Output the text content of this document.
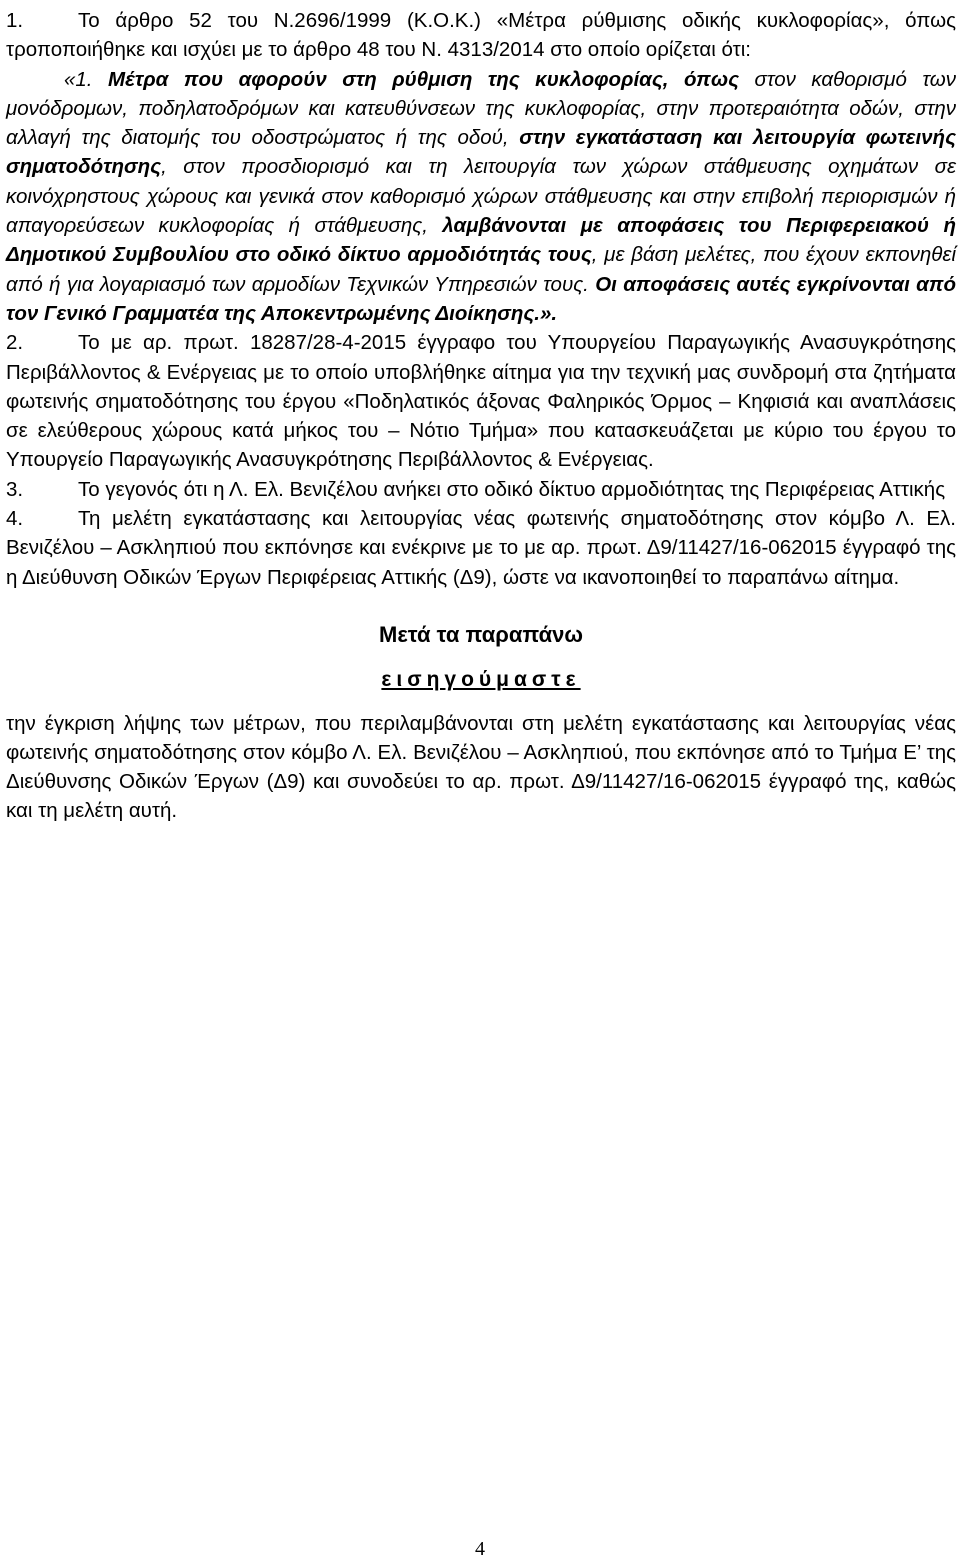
1.	Το άρθρο 52 του Ν.2696/1999 (Κ.Ο.Κ.) «Μέτρα ρύθμισης οδικής κυκλοφορίας», όπως τροποποιήθηκε και ισχύει με το άρθρο 48 του Ν. 4313/2014 στο οποίο ορίζεται ότι:

«1. Μέτρα που αφορούν στη ρύθμιση της κυκλοφορίας, όπως στον καθορισμό των μονόδρομων, ποδηλατοδρόμων και κατευθύνσεων της κυκλοφορίας, στην προτεραιότητα οδών, στην αλλαγή της διατομής του οδοστρώματος ή της οδού, στην εγκατάσταση και λειτουργία φωτεινής σηματοδότησης, στον προσδιορισμό και τη λειτουργία των χώρων στάθμευσης οχημάτων σε κοινόχρηστους χώρους και γενικά στον καθορισμό χώρων στάθμευσης και στην επιβολή περιορισμών ή απαγορεύσεων κυκλοφορίας ή στάθμευσης, λαμβάνονται με αποφάσεις του Περιφερειακού ή Δημοτικού Συμβουλίου στο οδικό δίκτυο αρμοδιότητάς τους, με βάση μελέτες, που έχουν εκπονηθεί από ή για λογαριασμό των αρμοδίων Τεχνικών Υπηρεσιών τους. Οι αποφάσεις αυτές εγκρίνονται από τον Γενικό Γραμματέα της Αποκεντρωμένης Διοίκησης.».

2.	Το με αρ. πρωτ. 18287/28-4-2015 έγγραφο του Υπουργείου Παραγωγικής Ανασυγκρότησης Περιβάλλοντος & Ενέργειας με το οποίο υποβλήθηκε αίτημα για την τεχνική μας συνδρομή στα ζητήματα φωτεινής σηματοδότησης του έργου «Ποδηλατικός άξονας Φαληρικός Όρμος – Κηφισιά και αναπλάσεις σε ελεύθερους χώρους κατά μήκος του – Νότιο Τμήμα» που κατασκευάζεται με κύριο του έργου το Υπουργείο Παραγωγικής Ανασυγκρότησης Περιβάλλοντος & Ενέργειας.

3.	Το γεγονός ότι η Λ. Ελ. Βενιζέλου ανήκει στο οδικό δίκτυο αρμοδιότητας της Περιφέρειας Αττικής

4.	Τη μελέτη εγκατάστασης και λειτουργίας νέας φωτεινής σηματοδότησης στον κόμβο Λ. Ελ. Βενιζέλου – Ασκληπιού που εκπόνησε και ενέκρινε με το με αρ. πρωτ. Δ9/11427/16-062015 έγγραφό της η Διεύθυνση Οδικών Έργων Περιφέρειας Αττικής (Δ9), ώστε να ικανοποιηθεί το παραπάνω αίτημα.

Μετά τα παραπάνω

εισηγούμαστε

την έγκριση λήψης των μέτρων, που περιλαμβάνονται στη μελέτη εγκατάστασης και λειτουργίας νέας φωτεινής σηματοδότησης στον κόμβο Λ. Ελ. Βενιζέλου – Ασκληπιού, που εκπόνησε από το Τμήμα Ε’ της Διεύθυνσης Οδικών Έργων (Δ9) και συνοδεύει το αρ. πρωτ. Δ9/11427/16-062015 έγγραφό της, καθώς και τη μελέτη αυτή.

4
